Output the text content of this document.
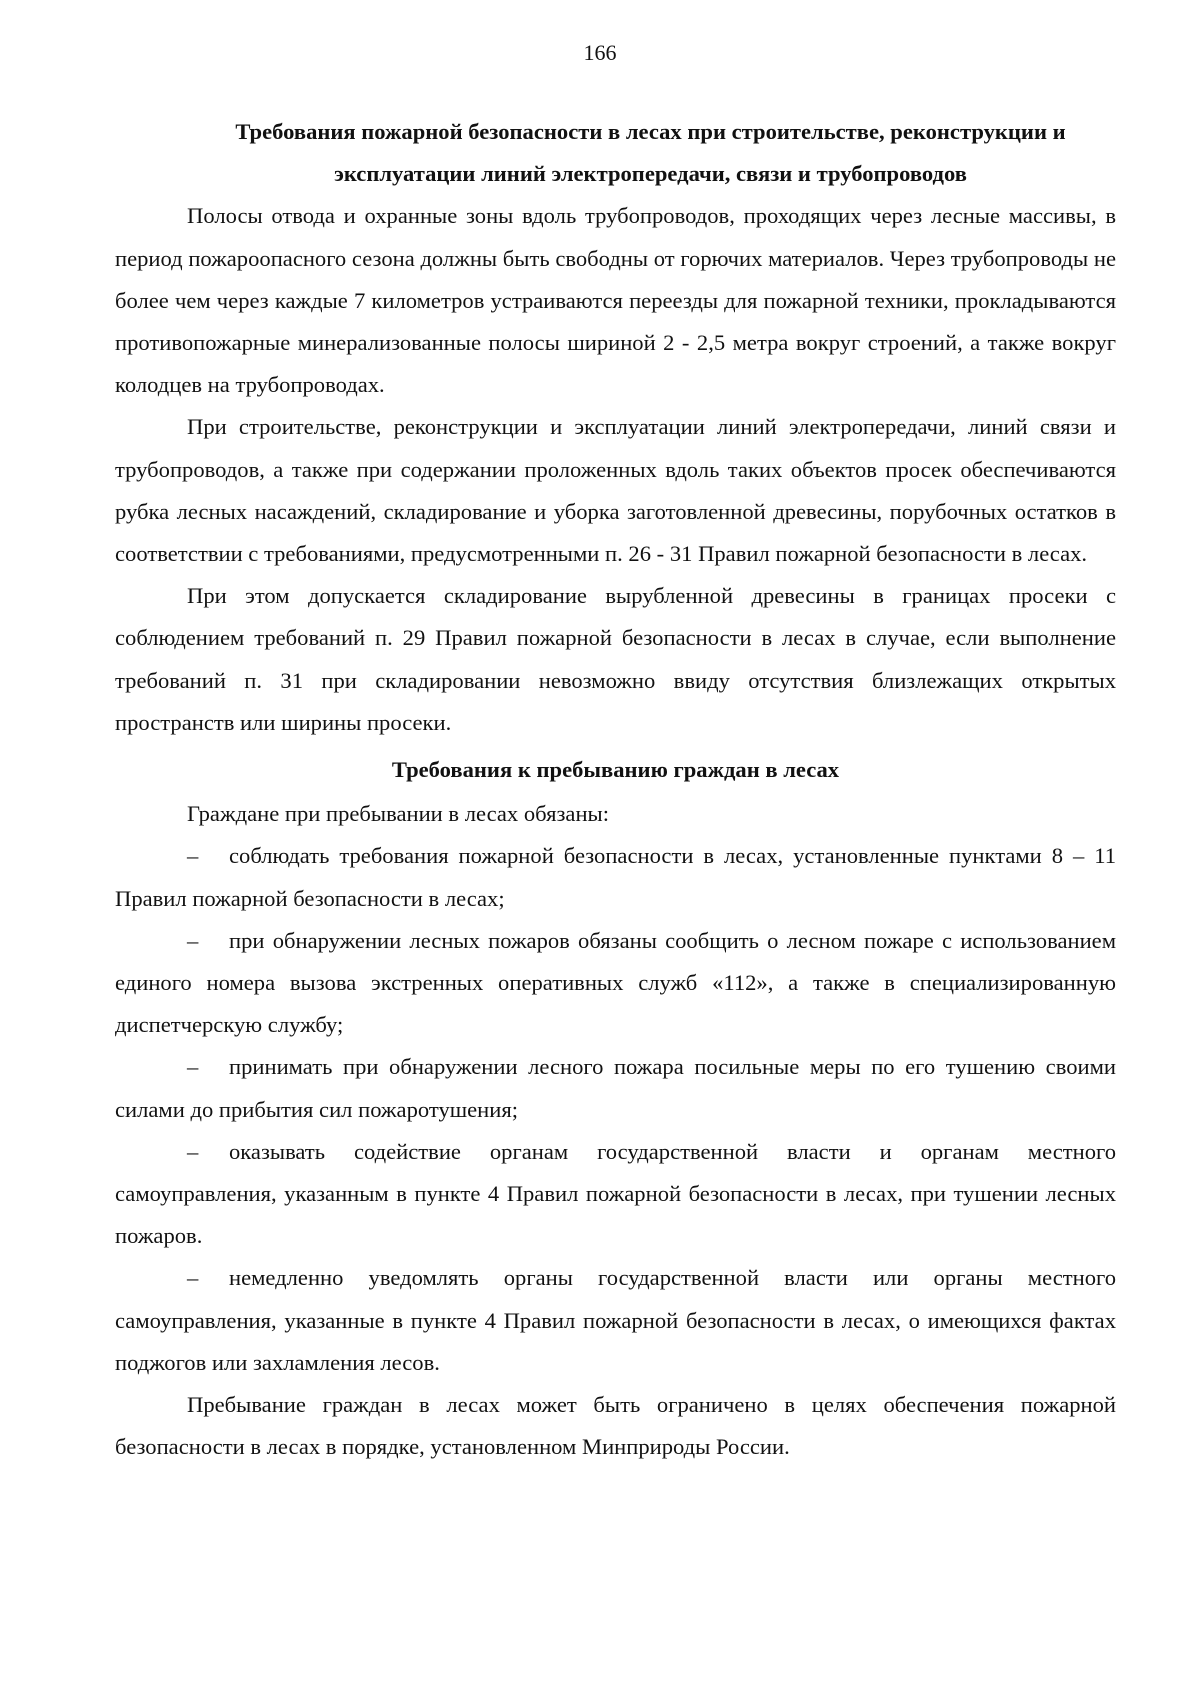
166

Требования пожарной безопасности в лесах при строительстве, реконструкции и эксплуатации линий электропередачи, связи и трубопроводов

Полосы отвода и охранные зоны вдоль трубопроводов, проходящих через лесные массивы, в период пожароопасного сезона должны быть свободны от горючих материалов. Через трубопроводы не более чем через каждые 7 километров устраиваются переезды для пожарной техники, прокладываются противопожарные минерализованные полосы шириной 2 - 2,5 метра вокруг строений, а также вокруг колодцев на трубопроводах.

При строительстве, реконструкции и эксплуатации линий электропередачи, линий связи и трубопроводов, а также при содержании проложенных вдоль таких объектов просек обеспечиваются рубка лесных насаждений, складирование и уборка заготовленной древесины, порубочных остатков в соответствии с требованиями, предусмотренными п. 26 - 31 Правил пожарной безопасности в лесах.

При этом допускается складирование вырубленной древесины в границах просеки с соблюдением требований п. 29 Правил пожарной безопасности в лесах в случае, если выполнение требований п. 31 при складировании невозможно ввиду отсутствия близлежащих открытых пространств или ширины просеки.

Требования к пребыванию граждан в лесах

Граждане при пребывании в лесах обязаны:

– соблюдать требования пожарной безопасности в лесах, установленные пунктами 8 – 11 Правил пожарной безопасности в лесах;

– при обнаружении лесных пожаров обязаны сообщить о лесном пожаре с использованием единого номера вызова экстренных оперативных служб «112», а также в специализированную диспетчерскую службу;

– принимать при обнаружении лесного пожара посильные меры по его тушению своими силами до прибытия сил пожаротушения;

– оказывать содействие органам государственной власти и органам местного самоуправления, указанным в пункте 4 Правил пожарной безопасности в лесах, при тушении лесных пожаров.

– немедленно уведомлять органы государственной власти или органы местного самоуправления, указанные в пункте 4 Правил пожарной безопасности в лесах, о имеющихся фактах поджогов или захламления лесов.

Пребывание граждан в лесах может быть ограничено в целях обеспечения пожарной безопасности в лесах в порядке, установленном Минприроды России.
